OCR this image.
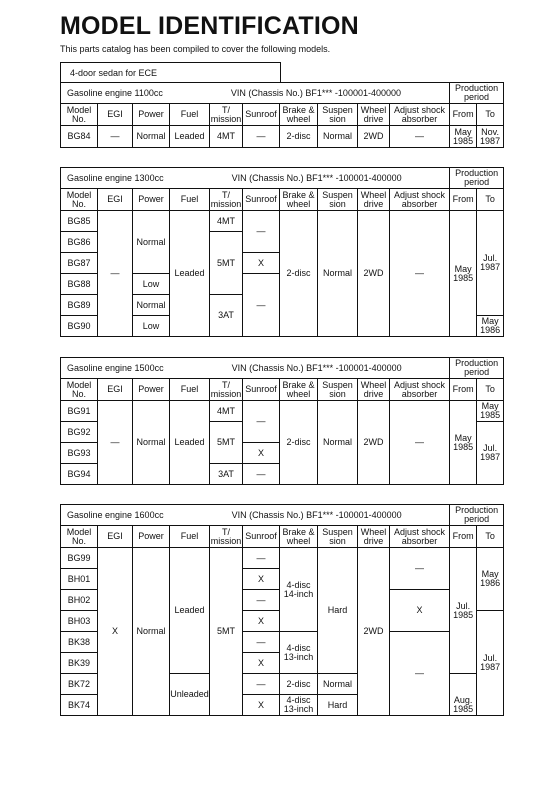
MODEL IDENTIFICATION
This parts catalog has been compiled to cover the following models.
4-door sedan for ECE
Gasoline engine 1100cc VIN (Chassis No.) BF1*** -100001-400000										Production period	
Model No.	EGI	Power	Fuel	T/ mission	Sunroof	Brake & wheel	Suspen sion	Wheel drive	Adjust shock absorber	From	To
BG84	—	Normal	Leaded	4MT	—	2-disc	Normal	2WD	—	May 1985	Nov. 1987
Gasoline engine 1300cc VIN (Chassis No.) BF1*** -100001-400000										Production period	
Model No.	EGI	Power	Fuel	T/ mission	Sunroof	Brake & wheel	Suspen sion	Wheel drive	Adjust shock absorber	From	To
BG85	—	Normal	Leaded	4MT	—	2-disc	Normal	2WD	—	May 1985	Jul. 1987
BG86				5MT							
BG87					X						
BG88		Low			—						
BG89		Normal		3AT							
BG90		Low									May 1986
Gasoline engine 1500cc VIN (Chassis No.) BF1*** -100001-400000										Production period	
Model No.	EGI	Power	Fuel	T/ mission	Sunroof	Brake & wheel	Suspen sion	Wheel drive	Adjust shock absorber	From	To
BG91	—	Normal	Leaded	4MT	—	2-disc	Normal	2WD	—	May 1985	May 1985
BG92				5MT							Jul. 1987
BG93					X						
BG94				3AT	—						
Gasoline engine 1600cc VIN (Chassis No.) BF1*** -100001-400000										Production period		
Model No.	EGI	Power	Fuel	T/ mission	Sunroof	Brake & wheel	Suspen sion	Wheel drive	Adjust shock absorber	From	To	
BG99	X	Normal	Leaded	5MT	—	4-disc 14-inch	Hard	2WD	—	Jul. 1985	May 1986	
BH01					X							
BH02					—				X			
BH03					X						Jul. 1987	
BK38					—	4-disc 13-inch			—			
BK39					X							
BK72			Unleaded		—	2-disc	Normal			Aug. 1985		
BK74					X	4-disc 13-inch	Hard	
